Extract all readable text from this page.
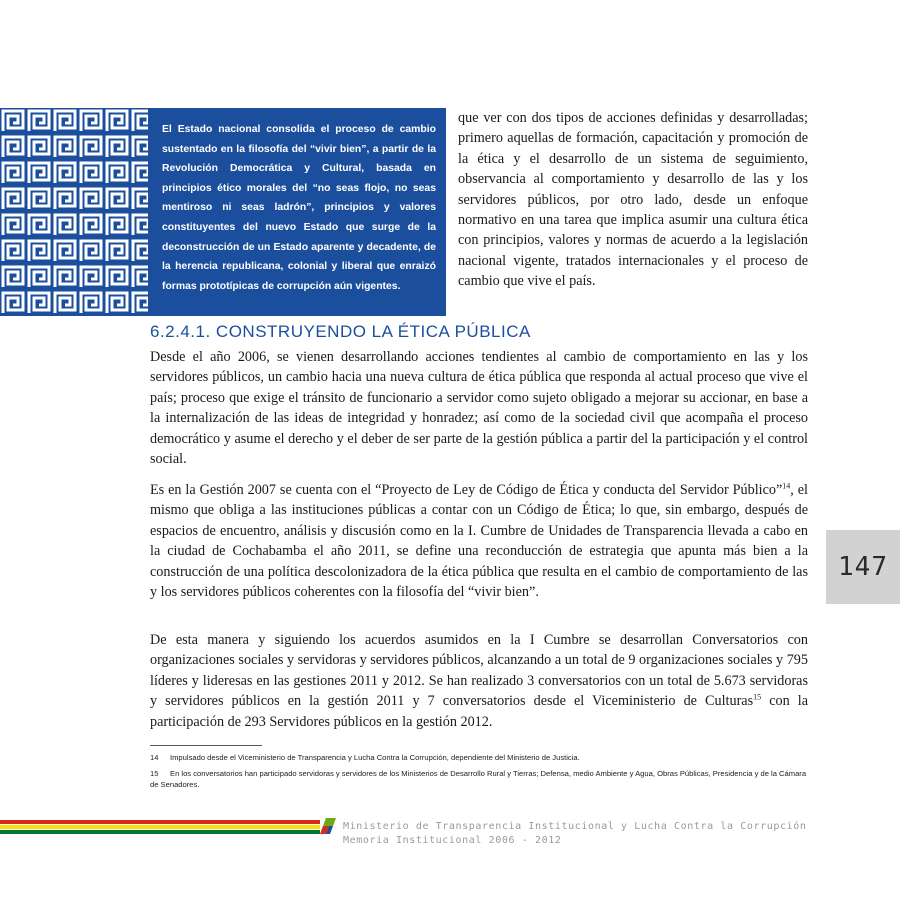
El Estado nacional consolida el proceso de cambio sustentado en la filosofía del “vivir bien”, a partir de la Revolución Democrática y Cultural, basada en principios ético morales del “no seas flojo, no seas mentiroso ni seas ladrón”, principios y valores constituyentes del nuevo Estado que surge de la deconstrucción de un Estado aparente y decadente, de la herencia republicana, colonial y liberal que enraizó formas prototípicas de corrupción aún vigentes.

que ver con dos tipos de acciones definidas y desarrolladas; primero aquellas de formación, capacitación y promoción de la ética y el desarrollo de un sistema de seguimiento, observancia al comportamiento y desarrollo de las y los servidores públicos, por otro lado, desde un enfoque normativo en una tarea que implica asumir una cultura ética con principios, valores y normas de acuerdo a la legislación nacional vigente, tratados internacionales y el proceso de cambio que vive el país.

6.2.4.1. CONSTRUYENDO LA ÉTICA PÚBLICA

Desde el año 2006, se vienen desarrollando acciones tendientes al cambio de comportamiento en las y los servidores públicos, un cambio hacia una nueva cultura de ética pública que responda al actual proceso que vive el país; proceso que exige el tránsito de funcionario a servidor como sujeto obligado a mejorar su accionar, en base a la internalización de las ideas de integridad y honradez; así como de la sociedad civil que acompaña el proceso democrático y asume el derecho y el deber de ser parte de la gestión pública a partir del la participación y el control social.

Es en la Gestión 2007 se cuenta con el “Proyecto de Ley de Código de Ética y conducta del Servidor Público”$^{14}$, el mismo que obliga a las instituciones públicas a contar con un Código de Ética; lo que, sin embargo, después de espacios de encuentro, análisis y discusión como en la I. Cumbre de Unidades de Transparencia llevada a cabo en la ciudad de Cochabamba el año 2011, se define una reconducción de estrategia que apunta más bien a la construcción de una política descolonizadora de la ética pública que resulta en el cambio de comportamiento de las y los servidores públicos coherentes con la filosofía del “vivir bien”.

De esta manera y siguiendo los acuerdos asumidos en la I Cumbre se desarrollan Conversatorios con organizaciones sociales y servidoras y servidores públicos, alcanzando a un total de 9 organizaciones sociales y 795 líderes y lideresas en las gestiones 2011 y 2012. Se han realizado 3 conversatorios con un total de 5.673 servidoras y servidores públicos en la gestión 2011 y 7 conversatorios desde el Viceministerio de Culturas$^{15}$ con la participación de 293 Servidores públicos en la gestión 2012.

14 Impulsado desde el Viceministerio de Transparencia y Lucha Contra la Corrupción, dependiente del Ministerio de Justicia.

15 En los conversatorios han participado servidoras y servidores de los Ministerios de Desarrollo Rural y Tierras; Defensa, medio Ambiente y Agua, Obras Públicas, Presidencia y de la Cámara de Senadores.

147

Ministerio de Transparencia Institucional y Lucha Contra la Corrupción
Memoria Institucional 2006 - 2012
